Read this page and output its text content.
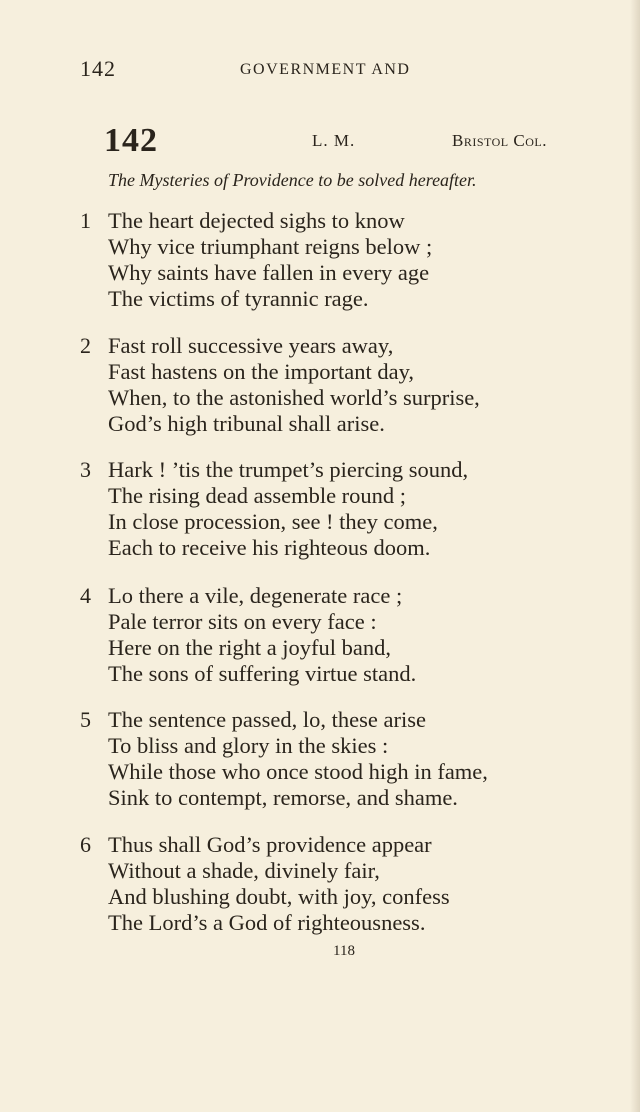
142	GOVERNMENT AND
142	L. M.	Bristol Col.
The Mysteries of Providence to be solved hereafter.
1 The heart dejected sighs to know
Why vice triumphant reigns below ;
Why saints have fallen in every age
The victims of tyrannic rage.
2 Fast roll successive years away,
Fast hastens on the important day,
When, to the astonished world’s surprise,
God’s high tribunal shall arise.
3 Hark ! ’tis the trumpet’s piercing sound,
The rising dead assemble round ;
In close procession, see ! they come,
Each to receive his righteous doom.
4 Lo there a vile, degenerate race ;
Pale terror sits on every face :
Here on the right a joyful band,
The sons of suffering virtue stand.
5 The sentence passed, lo, these arise
To bliss and glory in the skies :
While those who once stood high in fame,
Sink to contempt, remorse, and shame.
6 Thus shall God’s providence appear
Without a shade, divinely fair,
And blushing doubt, with joy, confess
The Lord’s a God of righteousness.
118
